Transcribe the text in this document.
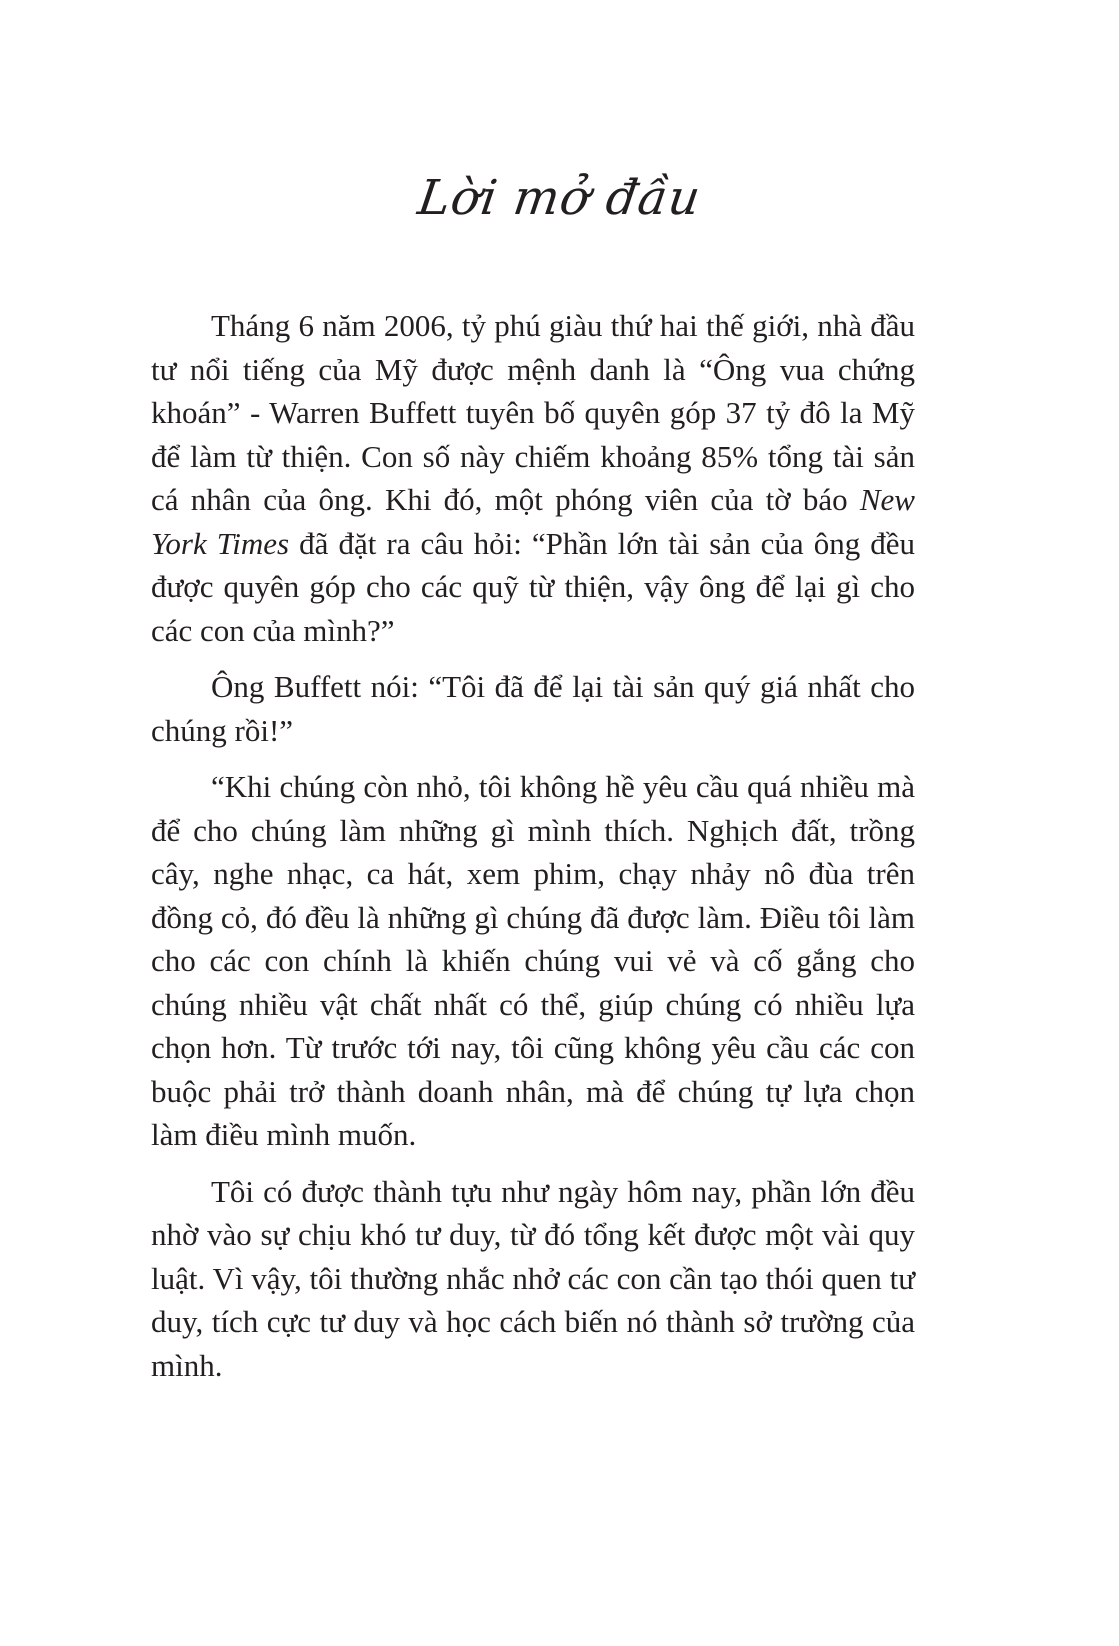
Lời mở đầu

Tháng 6 năm 2006, tỷ phú giàu thứ hai thế giới, nhà đầu tư nổi tiếng của Mỹ được mệnh danh là “Ông vua chứng khoán” - Warren Buffett tuyên bố quyên góp 37 tỷ đô la Mỹ để làm từ thiện. Con số này chiếm khoảng 85% tổng tài sản cá nhân của ông. Khi đó, một phóng viên của tờ báo New York Times đã đặt ra câu hỏi: “Phần lớn tài sản của ông đều được quyên góp cho các quỹ từ thiện, vậy ông để lại gì cho các con của mình?”

Ông Buffett nói: “Tôi đã để lại tài sản quý giá nhất cho chúng rồi!”

“Khi chúng còn nhỏ, tôi không hề yêu cầu quá nhiều mà để cho chúng làm những gì mình thích. Nghịch đất, trồng cây, nghe nhạc, ca hát, xem phim, chạy nhảy nô đùa trên đồng cỏ, đó đều là những gì chúng đã được làm. Điều tôi làm cho các con chính là khiến chúng vui vẻ và cố gắng cho chúng nhiều vật chất nhất có thể, giúp chúng có nhiều lựa chọn hơn. Từ trước tới nay, tôi cũng không yêu cầu các con buộc phải trở thành doanh nhân, mà để chúng tự lựa chọn làm điều mình muốn.

Tôi có được thành tựu như ngày hôm nay, phần lớn đều nhờ vào sự chịu khó tư duy, từ đó tổng kết được một vài quy luật. Vì vậy, tôi thường nhắc nhở các con cần tạo thói quen tư duy, tích cực tư duy và học cách biến nó thành sở trường của mình.
